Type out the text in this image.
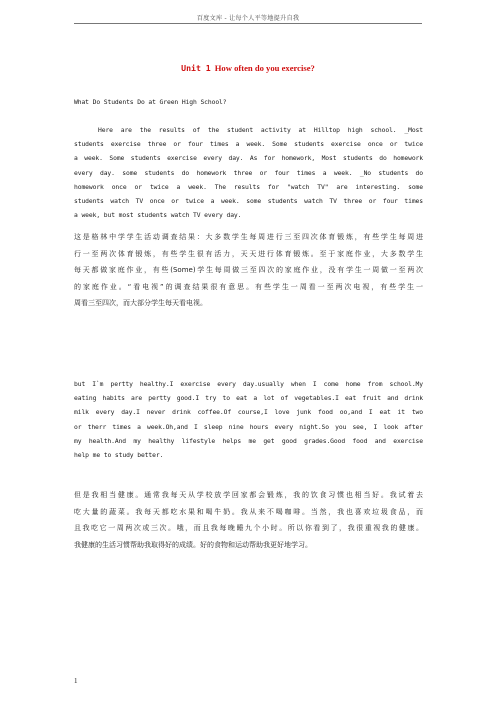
百度文库 - 让每个人平等地提升自我
Unit 1 How often do you exercise?
What Do Students Do at Green High School?
Here are the results of the student activity at Hilltop high school. _Most
students exercise three or four times a week. Some students exercise once or twice
a week. Some students exercise every day. As for homework, Most students do homework
every day. some students do homework three or four times a week. _No students do
homework once or twice a week. The results for "watch TV" are interesting. some
students watch TV once or twice a week. some students watch TV three or four times
a week, but most students watch TV every day.
这是格林中学学生活动调查结果：大多数学生每周进行三至四次体育锻炼，有些学生每周进
行一至两次体育锻炼，有些学生很有活力，天天进行体育锻炼。至于家庭作业，大多数学生
每天都做家庭作业，有些(Some)学生每周做三至四次的家庭作业，没有学生一周做一至两次
的家庭作业。“看电视”的调查结果很有意思。有些学生一周看一至两次电视，有些学生一
周看三至四次，而大部分学生每天看电视。
but I`m pertty healthy.I exercise every day.usually when I come home from school.My
eating habits are pertty good.I try to eat a lot of vegetables.I eat fruit and drink
milk every day.I never drink coffee.Of course,I love junk food oo,and I eat it two
or therr times a week.Oh,and I sleep nine hours every night.So you see, I look after
my health.And my healthy lifestyle helps me get good grades.Good food and exercise
help me to study better.
但是我相当健康。通常我每天从学校放学回家都会锻炼，我的饮食习惯也相当好。我试着去
吃大量的蔬菜。我每天都吃水果和喝牛奶。我从来不喝咖啡。当然，我也喜欢垃圾食品，而
且我吃它一周两次或三次。哦，而且我每晚睡九个小时。所以你看到了，我很重视我的健康。
我健康的生活习惯帮助我取得好的成绩。好的食物和运动帮助我更好地学习。
1
